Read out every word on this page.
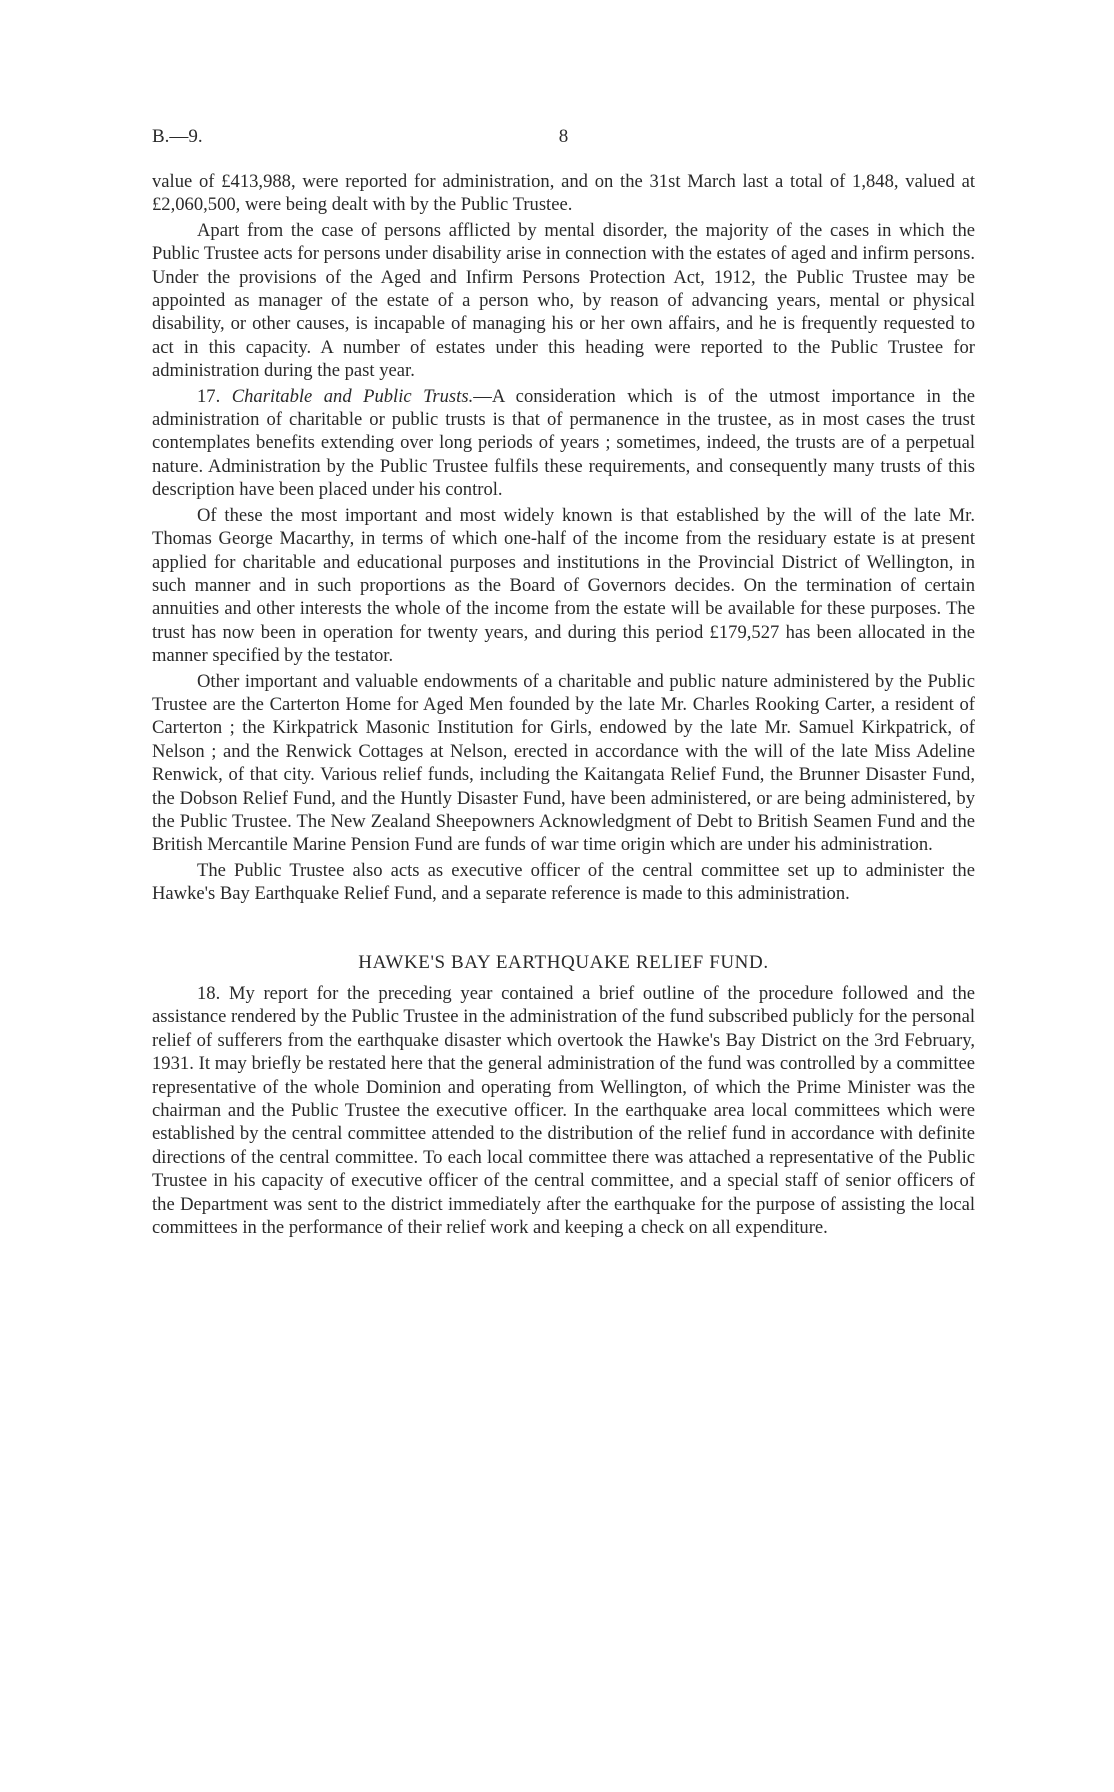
B.—9.	8

value of £413,988, were reported for administration, and on the 31st March last a total of 1,848, valued at £2,060,500, were being dealt with by the Public Trustee.

Apart from the case of persons afflicted by mental disorder, the majority of the cases in which the Public Trustee acts for persons under disability arise in connection with the estates of aged and infirm persons. Under the provisions of the Aged and Infirm Persons Protection Act, 1912, the Public Trustee may be appointed as manager of the estate of a person who, by reason of advancing years, mental or physical disability, or other causes, is incapable of managing his or her own affairs, and he is frequently requested to act in this capacity. A number of estates under this heading were reported to the Public Trustee for administration during the past year.

17. Charitable and Public Trusts.—A consideration which is of the utmost importance in the administration of charitable or public trusts is that of permanence in the trustee, as in most cases the trust contemplates benefits extending over long periods of years ; sometimes, indeed, the trusts are of a perpetual nature. Administration by the Public Trustee fulfils these requirements, and consequently many trusts of this description have been placed under his control.

Of these the most important and most widely known is that established by the will of the late Mr. Thomas George Macarthy, in terms of which one-half of the income from the residuary estate is at present applied for charitable and educational purposes and institutions in the Provincial District of Wellington, in such manner and in such proportions as the Board of Governors decides. On the termination of certain annuities and other interests the whole of the income from the estate will be available for these purposes. The trust has now been in operation for twenty years, and during this period £179,527 has been allocated in the manner specified by the testator.

Other important and valuable endowments of a charitable and public nature administered by the Public Trustee are the Carterton Home for Aged Men founded by the late Mr. Charles Rooking Carter, a resident of Carterton ; the Kirkpatrick Masonic Institution for Girls, endowed by the late Mr. Samuel Kirkpatrick, of Nelson ; and the Renwick Cottages at Nelson, erected in accordance with the will of the late Miss Adeline Renwick, of that city. Various relief funds, including the Kaitangata Relief Fund, the Brunner Disaster Fund, the Dobson Relief Fund, and the Huntly Disaster Fund, have been administered, or are being administered, by the Public Trustee. The New Zealand Sheepowners Acknowledgment of Debt to British Seamen Fund and the British Mercantile Marine Pension Fund are funds of war time origin which are under his administration.

The Public Trustee also acts as executive officer of the central committee set up to administer the Hawke's Bay Earthquake Relief Fund, and a separate reference is made to this administration.

HAWKE'S BAY EARTHQUAKE RELIEF FUND.

18. My report for the preceding year contained a brief outline of the procedure followed and the assistance rendered by the Public Trustee in the administration of the fund subscribed publicly for the personal relief of sufferers from the earthquake disaster which overtook the Hawke's Bay District on the 3rd February, 1931. It may briefly be restated here that the general administration of the fund was controlled by a committee representative of the whole Dominion and operating from Wellington, of which the Prime Minister was the chairman and the Public Trustee the executive officer. In the earthquake area local committees which were established by the central committee attended to the distribution of the relief fund in accordance with definite directions of the central committee. To each local committee there was attached a representative of the Public Trustee in his capacity of executive officer of the central committee, and a special staff of senior officers of the Department was sent to the district immediately after the earthquake for the purpose of assisting the local committees in the performance of their relief work and keeping a check on all expenditure.
